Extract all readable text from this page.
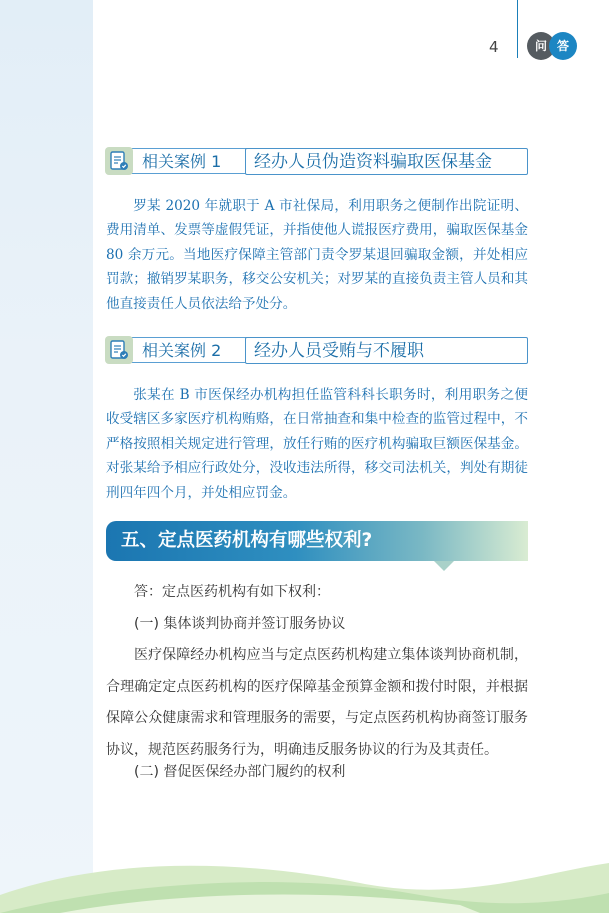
4	问 答
相关案例 1	经办人员伪造资料骗取医保基金

罗某 2020 年就职于 A 市社保局，利用职务之便制作出院证明、费用清单、发票等虚假凭证，并指使他人谎报医疗费用，骗取医保基金 80 余万元。当地医疗保障主管部门责令罗某退回骗取金额，并处相应罚款；撤销罗某职务，移交公安机关；对罗某的直接负责主管人员和其他直接责任人员依法给予处分。

相关案例 2	经办人员受贿与不履职

张某在 B 市医保经办机构担任监管科科长职务时，利用职务之便收受辖区多家医疗机构贿赂，在日常抽查和集中检查的监管过程中，不严格按照相关规定进行管理，放任行贿的医疗机构骗取巨额医保基金。对张某给予相应行政处分，没收违法所得，移交司法机关，判处有期徒刑四年四个月，并处相应罚金。

五、定点医药机构有哪些权利?

答：定点医药机构有如下权利：

(一) 集体谈判协商并签订服务协议

医疗保障经办机构应当与定点医药机构建立集体谈判协商机制，合理确定定点医药机构的医疗保障基金预算金额和拨付时限，并根据保障公众健康需求和管理服务的需要，与定点医药机构协商签订服务协议，规范医药服务行为，明确违反服务协议的行为及其责任。

(二) 督促医保经办部门履约的权利
